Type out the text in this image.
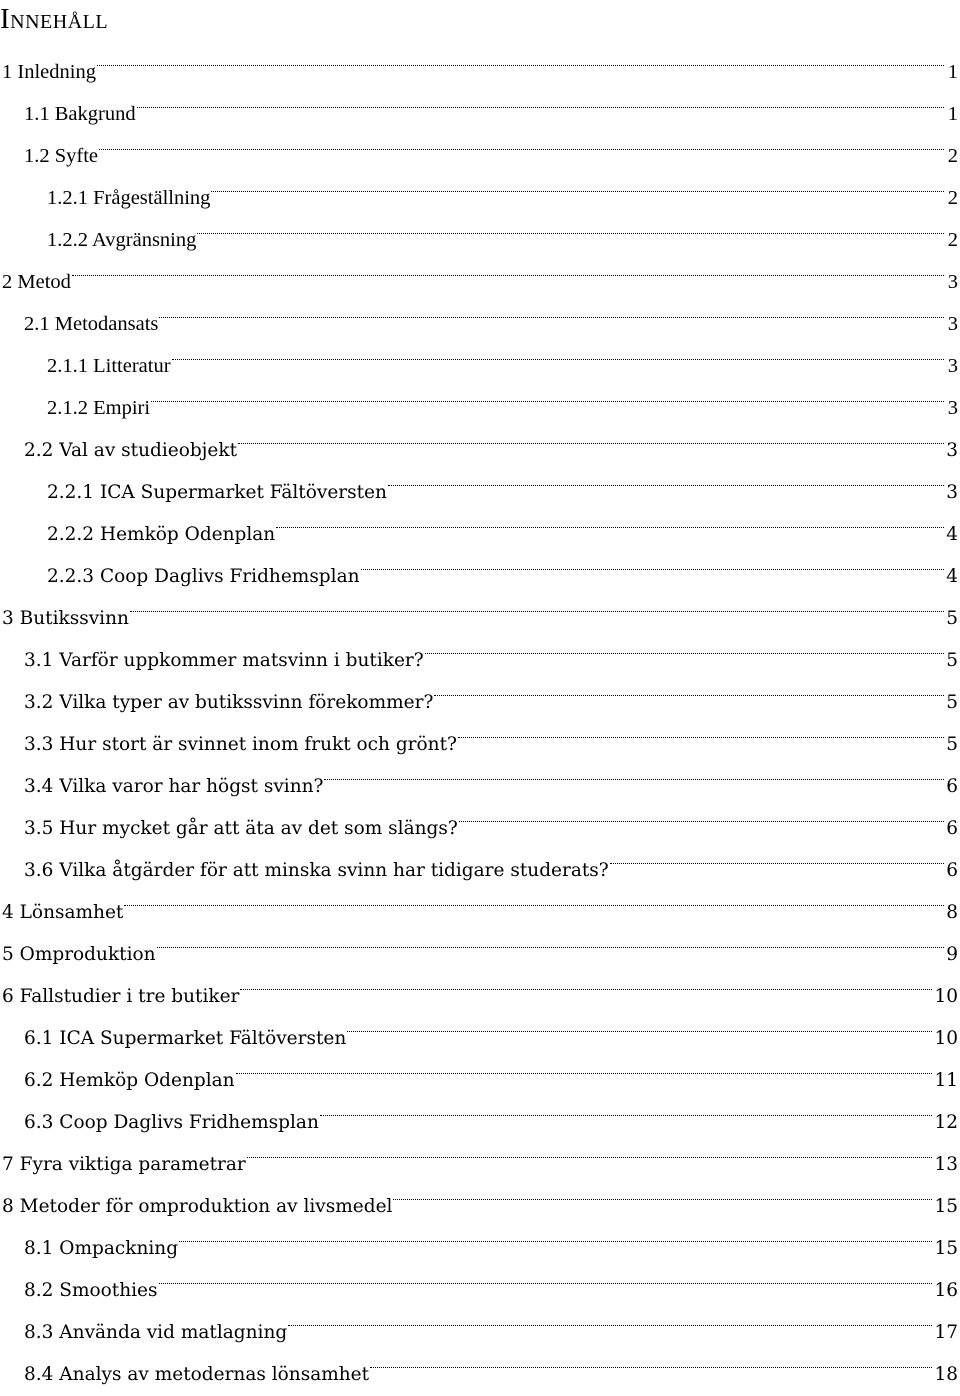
Innehåll
1 Inledning	1
1.1 Bakgrund	1
1.2 Syfte	2
1.2.1 Frågeställning	2
1.2.2 Avgränsning	2
2 Metod	3
2.1 Metodansats	3
2.1.1 Litteratur	3
2.1.2 Empiri	3
2.2 Val av studieobjekt	3
2.2.1 ICA Supermarket Fältöversten	3
2.2.2 Hemköp Odenplan	4
2.2.3 Coop Daglivs Fridhemsplan	4
3 Butikssvinn	5
3.1 Varför uppkommer matsvinn i butiker?	5
3.2 Vilka typer av butikssvinn förekommer?	5
3.3 Hur stort är svinnet inom frukt och grönt?	5
3.4 Vilka varor har högst svinn?	6
3.5 Hur mycket går att äta av det som slängs?	6
3.6 Vilka åtgärder för att minska svinn har tidigare studerats?	6
4 Lönsamhet	8
5 Omproduktion	9
6 Fallstudier i tre butiker	10
6.1 ICA Supermarket Fältöversten	10
6.2 Hemköp Odenplan	11
6.3 Coop Daglivs Fridhemsplan	12
7 Fyra viktiga parametrar	13
8 Metoder för omproduktion av livsmedel	15
8.1 Ompackning	15
8.2 Smoothies	16
8.3 Använda vid matlagning	17
8.4 Analys av metodernas lönsamhet	18
